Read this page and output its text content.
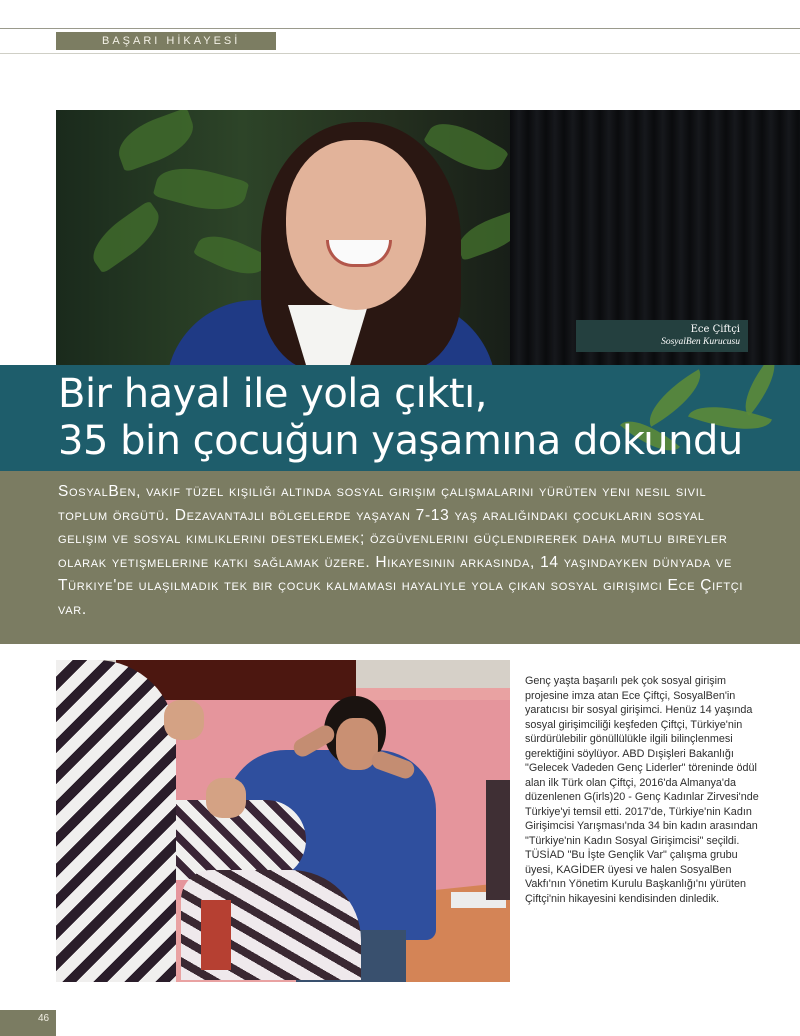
BAŞARI HİKAYESİ
Ece Çiftçi
SosyalBen Kurucusu
Bir hayal ile yola çıktı,
35 bin çocuğun yaşamına dokundu
SosyalBen, vakıf tüzel kişiliği altında sosyal girişim çalışmalarını yürüten yeni nesil sivil toplum örgütü. Dezavantajlı bölgelerde yaşayan 7-13 yaş aralığındaki çocukların sosyal gelişim ve sosyal kimliklerini desteklemek; özgüvenlerini güçlendirerek daha mutlu bireyler olarak yetişmelerine katkı sağlamak üzere. Hikayesinin arkasında, 14 yaşındayken dünyada ve Türkiye'de ulaşılmadık tek bir çocuk kalmaması hayaliyle yola çıkan sosyal girişimci Ece Çiftçi var.
Genç yaşta başarılı pek çok sosyal girişim projesine imza atan Ece Çiftçi, SosyalBen'in yaratıcısı bir sosyal girişimci. Henüz 14 yaşında sosyal girişimciliği keşfeden Çiftçi, Türkiye'nin sürdürülebilir gönüllülükle ilgili bilinçlenmesi gerektiğini söylüyor. ABD Dışişleri Bakanlığı "Gelecek Vadeden Genç Liderler" töreninde ödül alan ilk Türk olan Çiftçi, 2016'da Almanya'da düzenlenen G(irls)20 - Genç Kadınlar Zirvesi'nde Türkiye'yi temsil etti. 2017'de, Türkiye'nin Kadın Girişimcisi Yarışması'nda 34 bin kadın arasından "Türkiye'nin Kadın Sosyal Girişimcisi" seçildi. TÜSİAD "Bu İşte Gençlik Var" çalışma grubu üyesi, KAGİDER üyesi ve halen SosyalBen Vakfı'nın Yönetim Kurulu Başkanlığı'nı yürüten Çiftçi'nin hikayesini kendisinden dinledik.
46
